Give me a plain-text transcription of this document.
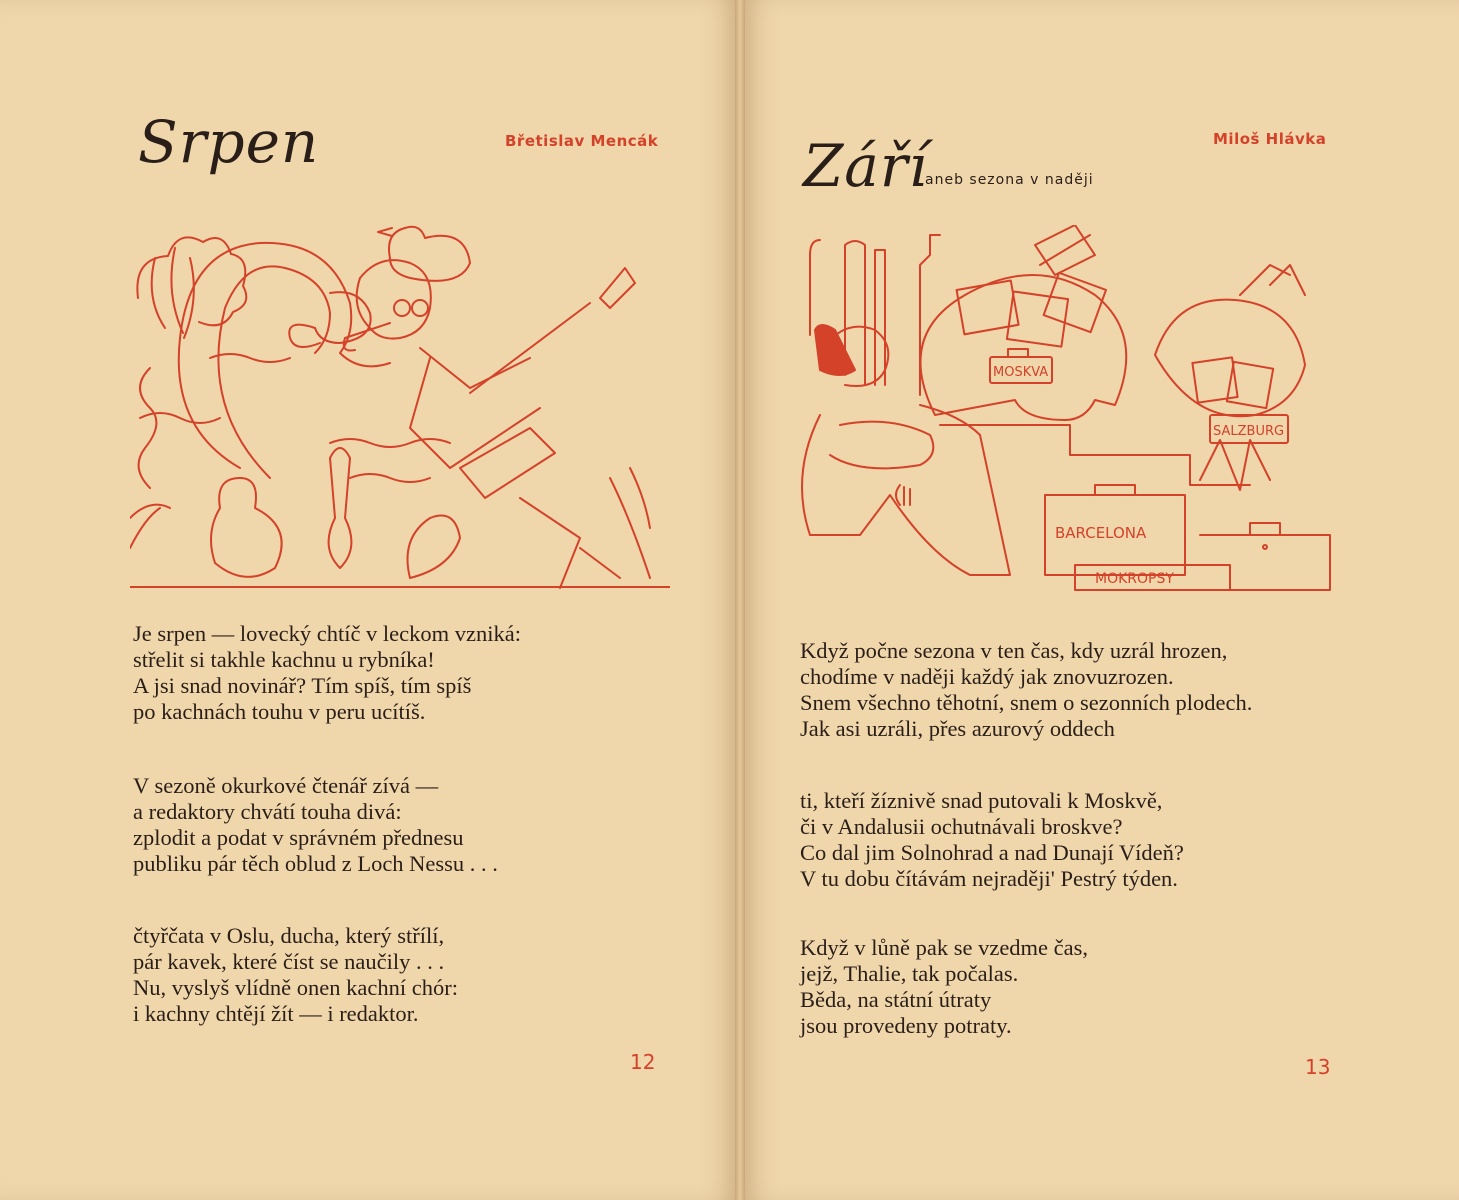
Srpen	Břetislav Mencák
Je srpen — lovecký chtíč v leckom vzniká:
střelit si takhle kachnu u rybníka!
A jsi snad novinář? Tím spíš, tím spíš
po kachnách touhu v peru ucítíš.
V sezoně okurkové čtenář zívá —
a redaktory chvátí touha divá:
zplodit a podat v správném přednesu
publiku pár těch oblud z Loch Nessu . . .
čtyřčata v Oslu, ducha, který střílí,
pár kavek, které číst se naučily . . .
Nu, vyslyš vlídně onen kachní chór:
i kachny chtějí žít — i redaktor.
12
Září
aneb sezona v naději
Miloš Hlávka
MOSKVA
SALZBURG
BARCELONA
MOKROPSY
Když počne sezona v ten čas, kdy uzrál hrozen,
chodíme v naději každý jak znovuzrozen.
Snem všechno těhotní, snem o sezonních plodech.
Jak asi uzráli, přes azurový oddech
ti, kteří žíznivě snad putovali k Moskvě,
či v Andalusii ochutnávali broskve?
Co dal jim Solnohrad a nad Dunají Vídeň?
V tu dobu čítávám nejraději' Pestrý týden.
Když v lůně pak se vzedme čas,
jejž, Thalie, tak počalas.
Běda, na státní útraty
jsou provedeny potraty.
13
